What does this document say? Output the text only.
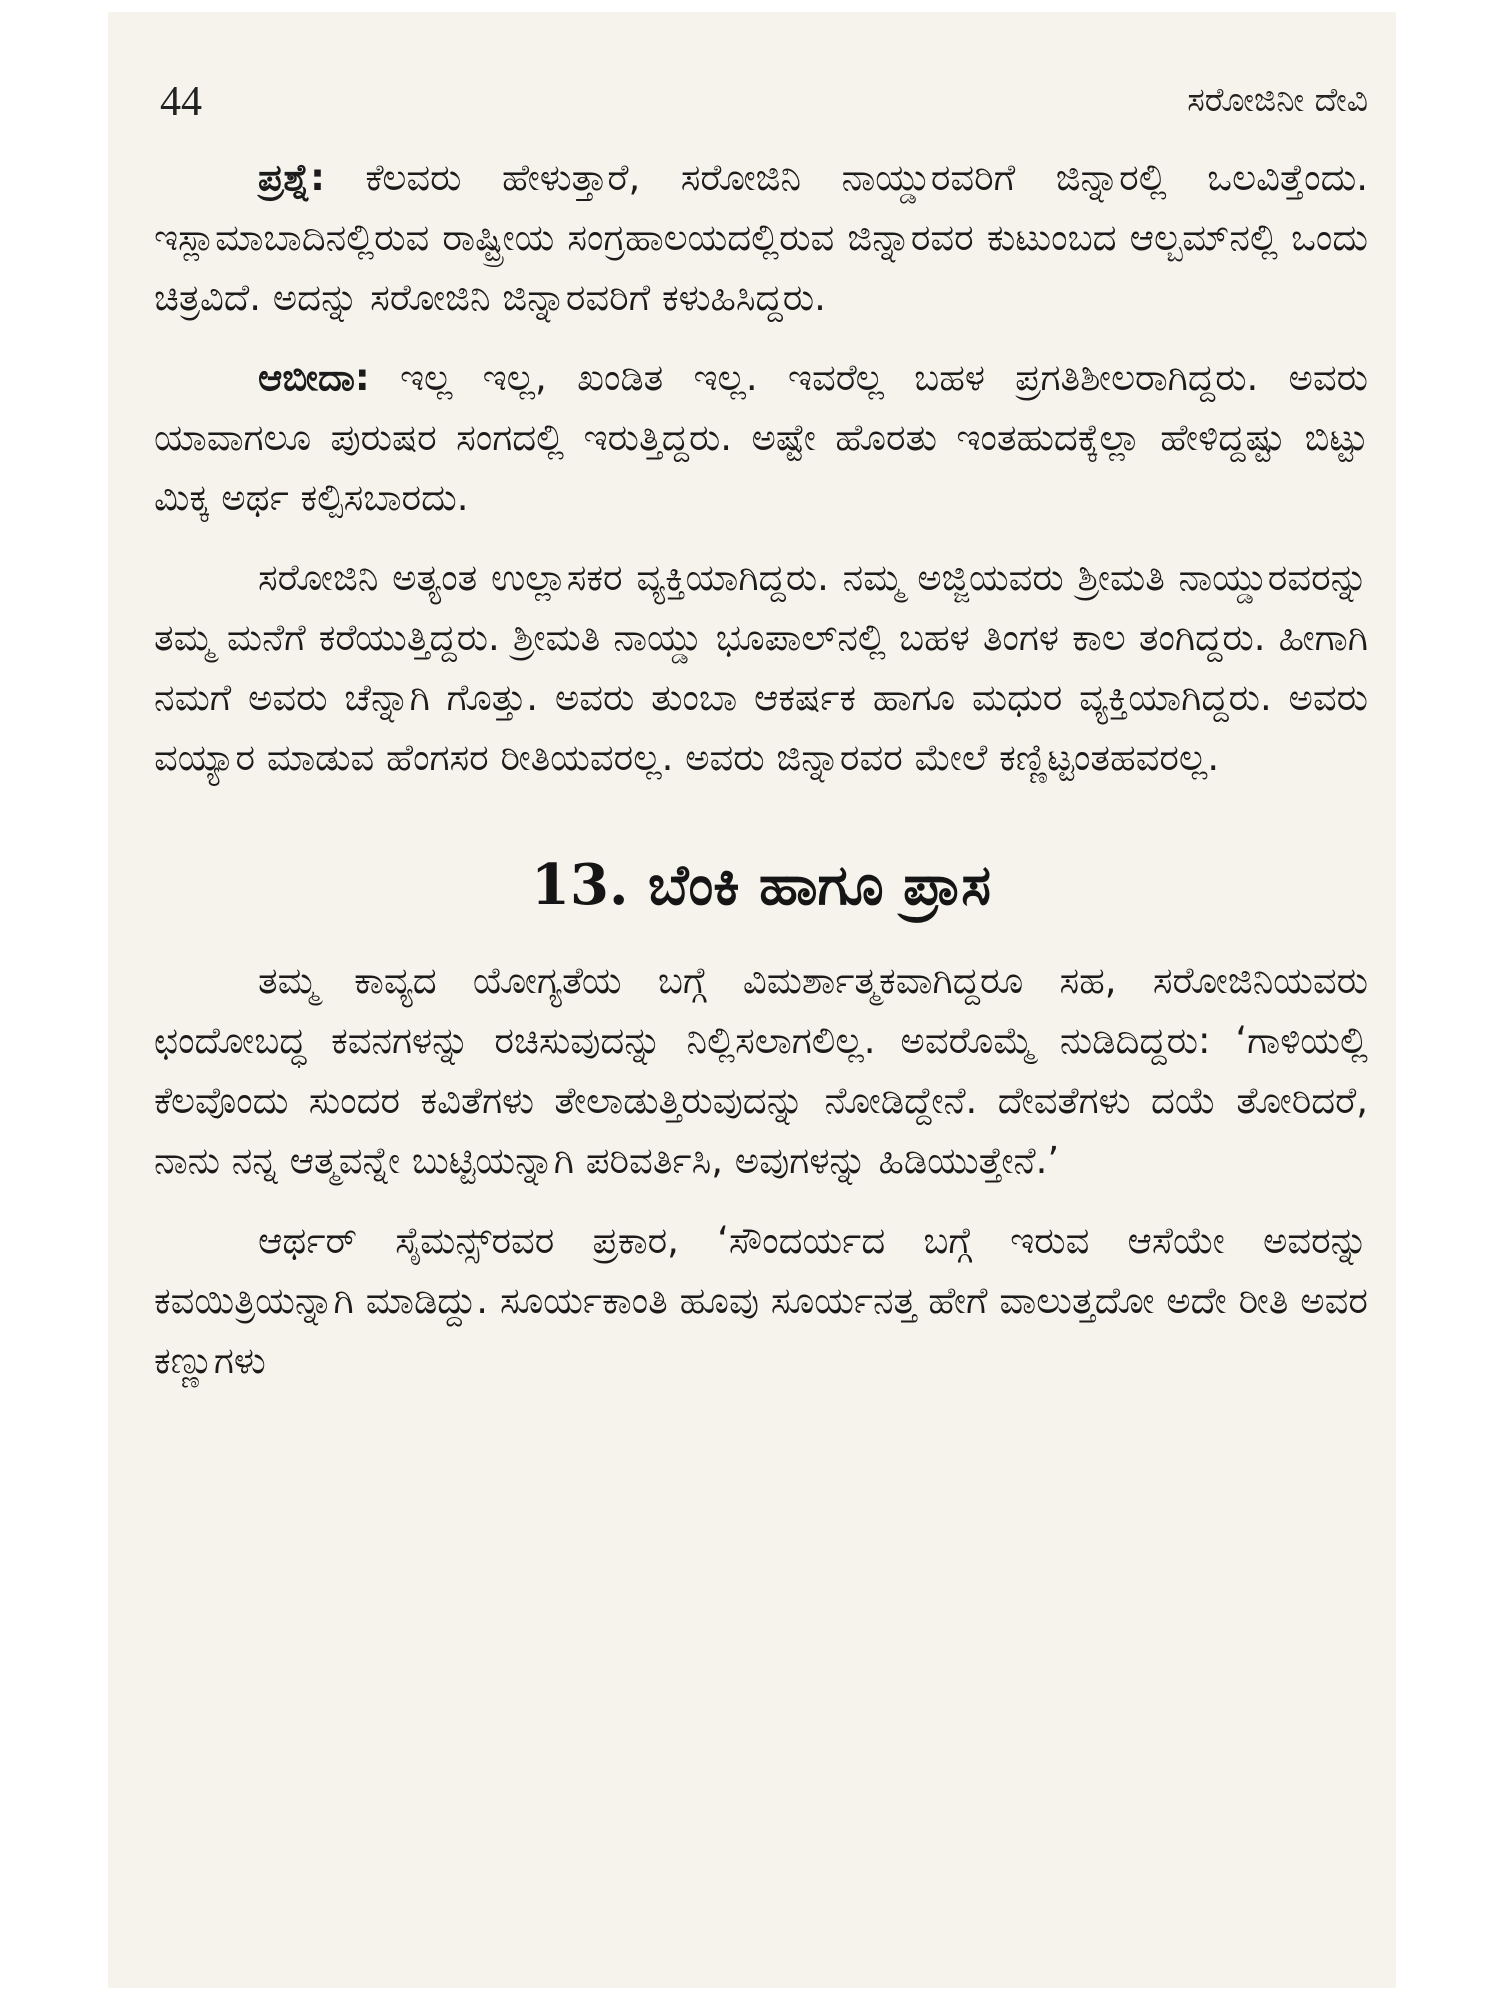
44	ಸರೋಜಿನೀ ದೇವಿ

ಪ್ರಶ್ನೆ: ಕೆಲವರು ಹೇಳುತ್ತಾರೆ, ಸರೋಜಿನಿ ನಾಯ್ಡುರವರಿಗೆ ಜಿನ್ನಾರಲ್ಲಿ ಒಲವಿತ್ತೆಂದು. ಇಸ್ಲಾಮಾಬಾದಿನಲ್ಲಿರುವ ರಾಷ್ಟ್ರೀಯ ಸಂಗ್ರಹಾಲಯದಲ್ಲಿರುವ ಜಿನ್ನಾರವರ ಕುಟುಂಬದ ಆಲ್ಬಮ್‌ನಲ್ಲಿ ಒಂದು ಚಿತ್ರವಿದೆ. ಅದನ್ನು ಸರೋಜಿನಿ ಜಿನ್ನಾರವರಿಗೆ ಕಳುಹಿಸಿದ್ದರು.

ಆಬೀದಾ: ಇಲ್ಲ ಇಲ್ಲ, ಖಂಡಿತ ಇಲ್ಲ. ಇವರೆಲ್ಲ ಬಹಳ ಪ್ರಗತಿಶೀಲರಾಗಿದ್ದರು. ಅವರು ಯಾವಾಗಲೂ ಪುರುಷರ ಸಂಗದಲ್ಲಿ ಇರುತ್ತಿದ್ದರು. ಅಷ್ಟೇ ಹೊರತು ಇಂತಹುದಕ್ಕೆಲ್ಲಾ ಹೇಳಿದ್ದಷ್ಟು ಬಿಟ್ಟು ಮಿಕ್ಕ ಅರ್ಥ ಕಲ್ಪಿಸಬಾರದು.

ಸರೋಜಿನಿ ಅತ್ಯಂತ ಉಲ್ಲಾಸಕರ ವ್ಯಕ್ತಿಯಾಗಿದ್ದರು. ನಮ್ಮ ಅಜ್ಜಿಯವರು ಶ್ರೀಮತಿ ನಾಯ್ಡುರವರನ್ನು ತಮ್ಮ ಮನೆಗೆ ಕರೆಯುತ್ತಿದ್ದರು. ಶ್ರೀಮತಿ ನಾಯ್ಡು ಭೂಪಾಲ್‌ನಲ್ಲಿ ಬಹಳ ತಿಂಗಳ ಕಾಲ ತಂಗಿದ್ದರು. ಹೀಗಾಗಿ ನಮಗೆ ಅವರು ಚೆನ್ನಾಗಿ ಗೊತ್ತು. ಅವರು ತುಂಬಾ ಆಕರ್ಷಕ ಹಾಗೂ ಮಧುರ ವ್ಯಕ್ತಿಯಾಗಿದ್ದರು. ಅವರು ವಯ್ಯಾರ ಮಾಡುವ ಹೆಂಗಸರ ರೀತಿಯವರಲ್ಲ. ಅವರು ಜಿನ್ನಾರವರ ಮೇಲೆ ಕಣ್ಣಿಟ್ಟಂತಹವರಲ್ಲ.

13. ಬೆಂಕಿ ಹಾಗೂ ಪ್ರಾಸ

ತಮ್ಮ ಕಾವ್ಯದ ಯೋಗ್ಯತೆಯ ಬಗ್ಗೆ ವಿಮರ್ಶಾತ್ಮಕವಾಗಿದ್ದರೂ ಸಹ, ಸರೋಜಿನಿಯವರು ಛಂದೋಬದ್ಧ ಕವನಗಳನ್ನು ರಚಿಸುವುದನ್ನು ನಿಲ್ಲಿಸಲಾಗಲಿಲ್ಲ. ಅವರೊಮ್ಮೆ ನುಡಿದಿದ್ದರು: ‘ಗಾಳಿಯಲ್ಲಿ ಕೆಲವೊಂದು ಸುಂದರ ಕವಿತೆಗಳು ತೇಲಾಡುತ್ತಿರುವುದನ್ನು ನೋಡಿದ್ದೇನೆ. ದೇವತೆಗಳು ದಯೆ ತೋರಿದರೆ, ನಾನು ನನ್ನ ಆತ್ಮವನ್ನೇ ಬುಟ್ಟಿಯನ್ನಾಗಿ ಪರಿವರ್ತಿಸಿ, ಅವುಗಳನ್ನು ಹಿಡಿಯುತ್ತೇನೆ.’

ಆರ್ಥರ್ ಸೈಮನ್ಸ್‌ರವರ ಪ್ರಕಾರ, ‘ಸೌಂದರ್ಯದ ಬಗ್ಗೆ ಇರುವ ಆಸೆಯೇ ಅವರನ್ನು ಕವಯಿತ್ರಿಯನ್ನಾಗಿ ಮಾಡಿದ್ದು. ಸೂರ್ಯಕಾಂತಿ ಹೂವು ಸೂರ್ಯನತ್ತ ಹೇಗೆ ವಾಲುತ್ತದೋ ಅದೇ ರೀತಿ ಅವರ ಕಣ್ಣುಗಳು
